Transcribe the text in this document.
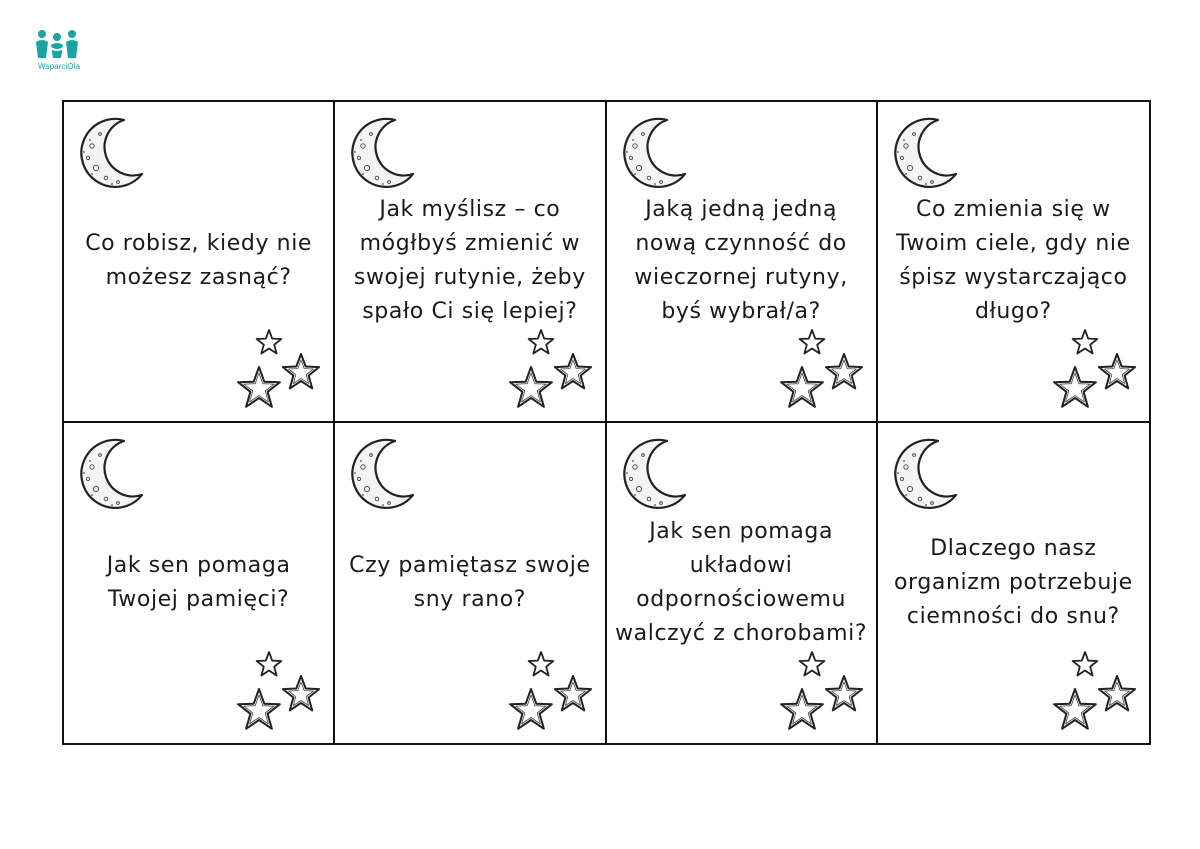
WsparciOla
Co robisz, kiedy nie możesz zasnąć?
Jak myślisz – co mógłbyś zmienić w swojej rutynie, żeby spało Ci się lepiej?
Jaką jedną jedną nową czynność do wieczornej rutyny, byś wybrał/a?
Co zmienia się w Twoim ciele, gdy nie śpisz wystarczająco długo?
Jak sen pomaga Twojej pamięci?
Czy pamiętasz swoje sny rano?
Jak sen pomaga układowi odpornościowemu walczyć z chorobami?
Dlaczego nasz organizm potrzebuje ciemności do snu?
